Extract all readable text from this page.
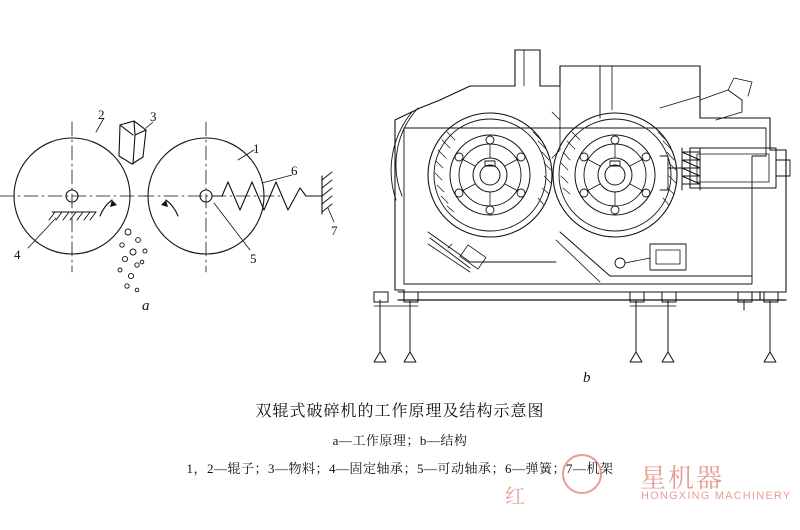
2	3
1
6
7
5
4
a
b
双辊式破碎机的工作原理及结构示意图
a—工作原理；b—结构
1，2—辊子；3—物料；4—固定轴承；5—可动轴承；6—弹簧；7—机架
红
星机器
HONGXING MACHINERY
